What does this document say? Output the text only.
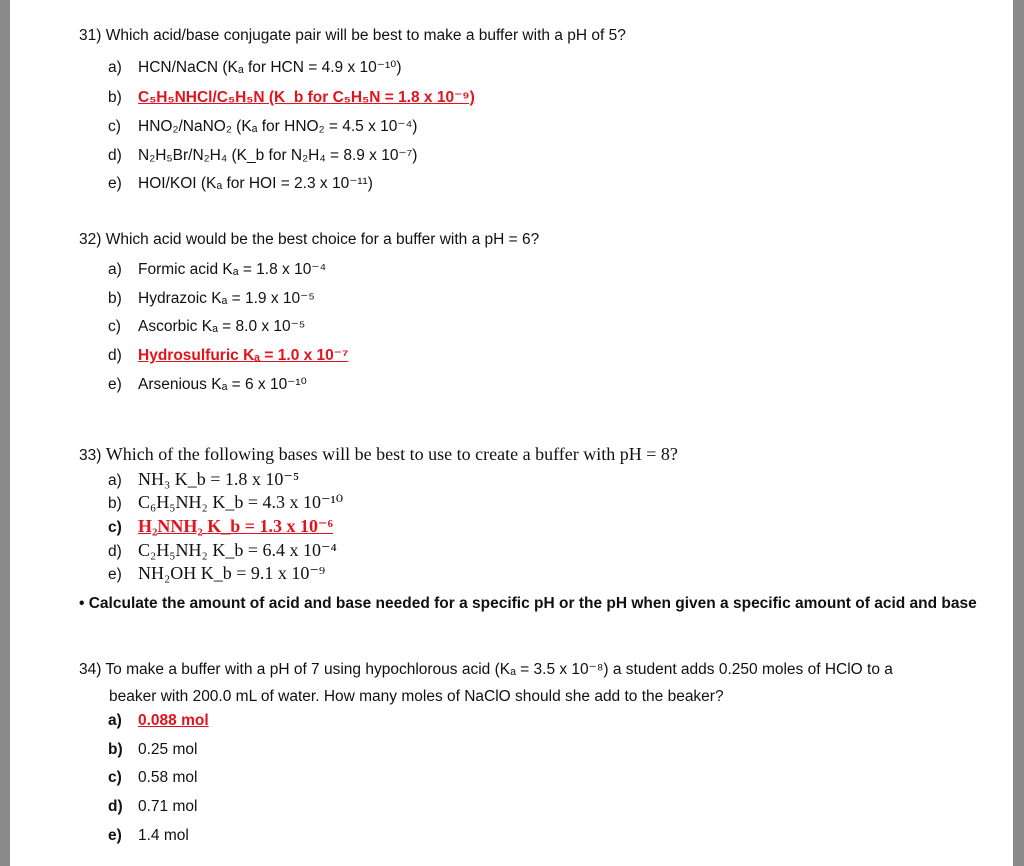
31) Which acid/base conjugate pair will be best to make a buffer with a pH of 5?
a) HCN/NaCN (Kₐ for HCN = 4.9 x 10⁻¹⁰)
b) C₅H₅NHCl/C₅H₅N (K_b for C₅H₅N = 1.8 x 10⁻⁹)
c) HNO₂/NaNO₂ (Kₐ for HNO₂ = 4.5 x 10⁻⁴)
d) N₂H₅Br/N₂H₄ (K_b for N₂H₄ = 8.9 x 10⁻⁷)
e) HOI/KOI (Kₐ for HOI = 2.3 x 10⁻¹¹)
32) Which acid would be the best choice for a buffer with a pH = 6?
a) Formic acid Kₐ = 1.8 x 10⁻⁴
b) Hydrazoic Kₐ = 1.9 x 10⁻⁵
c) Ascorbic Kₐ = 8.0 x 10⁻⁵
d) Hydrosulfuric Kₐ = 1.0 x 10⁻⁷
e) Arsenious Kₐ = 6 x 10⁻¹⁰
33) Which of the following bases will be best to use to create a buffer with pH = 8?
a) NH₃ K_b = 1.8 x 10⁻⁵
b) C₆H₅NH₂ K_b = 4.3 x 10⁻¹⁰
c) H₂NNH₂ K_b = 1.3 x 10⁻⁶
d) C₂H₅NH₂ K_b = 6.4 x 10⁻⁴
e) NH₂OH K_b = 9.1 x 10⁻⁹
• Calculate the amount of acid and base needed for a specific pH or the pH when given a specific amount of acid and base
34) To make a buffer with a pH of 7 using hypochlorous acid (Kₐ = 3.5 x 10⁻⁸) a student adds 0.250 moles of HClO to a
beaker with 200.0 mL of water. How many moles of NaClO should she add to the beaker?
a) 0.088 mol
b) 0.25 mol
c) 0.58 mol
d) 0.71 mol
e) 1.4 mol
